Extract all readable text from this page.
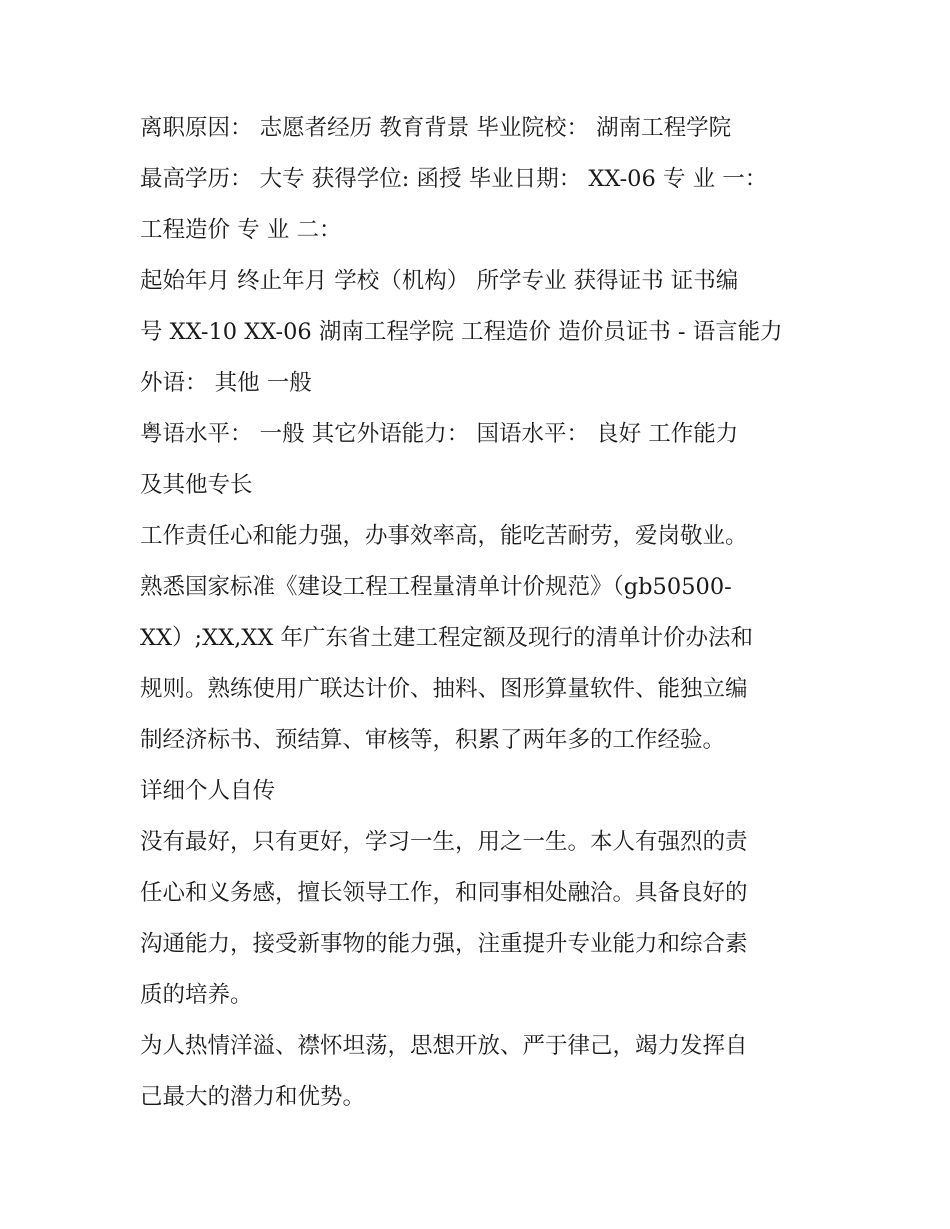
离职原因： 志愿者经历 教育背景 毕业院校： 湖南工程学院
最高学历： 大专 获得学位: 函授 毕业日期： XX-06 专 业 一：
工程造价 专 业 二：
起始年月 终止年月 学校（机构） 所学专业 获得证书 证书编
号 XX-10 XX-06 湖南工程学院 工程造价 造价员证书 - 语言能力
外语： 其他 一般
粤语水平： 一般 其它外语能力： 国语水平： 良好 工作能力
及其他专长
工作责任心和能力强，办事效率高，能吃苦耐劳，爱岗敬业。
熟悉国家标准《建设工程工程量清单计价规范》（gb50500-
XX）;XX,XX 年广东省土建工程定额及现行的清单计价办法和
规则。熟练使用广联达计价、抽料、图形算量软件、能独立编
制经济标书、预结算、审核等，积累了两年多的工作经验。
详细个人自传
没有最好，只有更好，学习一生，用之一生。本人有强烈的责
任心和义务感，擅长领导工作，和同事相处融洽。具备良好的
沟通能力，接受新事物的能力强，注重提升专业能力和综合素
质的培养。
为人热情洋溢、襟怀坦荡，思想开放、严于律己，竭力发挥自
己最大的潜力和优势。
